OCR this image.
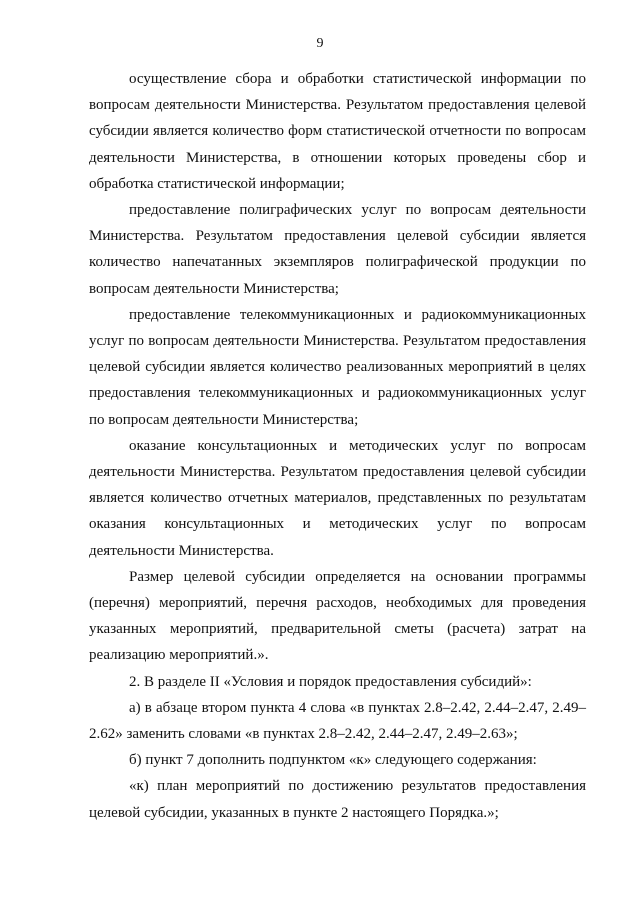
9

осуществление сбора и обработки статистической информации по вопросам деятельности Министерства. Результатом предоставления целевой субсидии является количество форм статистической отчетности по вопросам деятельности Министерства, в отношении которых проведены сбор и обработка статистической информации;

предоставление полиграфических услуг по вопросам деятельности Министерства. Результатом предоставления целевой субсидии является количество напечатанных экземпляров полиграфической продукции по вопросам деятельности Министерства;

предоставление телекоммуникационных и радиокоммуникационных услуг по вопросам деятельности Министерства. Результатом предоставления целевой субсидии является количество реализованных мероприятий в целях предоставления телекоммуникационных и радиокоммуникационных услуг по вопросам деятельности Министерства;

оказание консультационных и методических услуг по вопросам деятельности Министерства. Результатом предоставления целевой субсидии является количество отчетных материалов, представленных по результатам оказания консультационных и методических услуг по вопросам деятельности Министерства.

Размер целевой субсидии определяется на основании программы (перечня) мероприятий, перечня расходов, необходимых для проведения указанных мероприятий, предварительной сметы (расчета) затрат на реализацию мероприятий.».

2. В разделе II «Условия и порядок предоставления субсидий»:

а) в абзаце втором пункта 4 слова «в пунктах 2.8–2.42, 2.44–2.47, 2.49–2.62» заменить словами «в пунктах 2.8–2.42, 2.44–2.47, 2.49–2.63»;

б) пункт 7 дополнить подпунктом «к» следующего содержания:

«к) план мероприятий по достижению результатов предоставления целевой субсидии, указанных в пункте 2 настоящего Порядка.»;
